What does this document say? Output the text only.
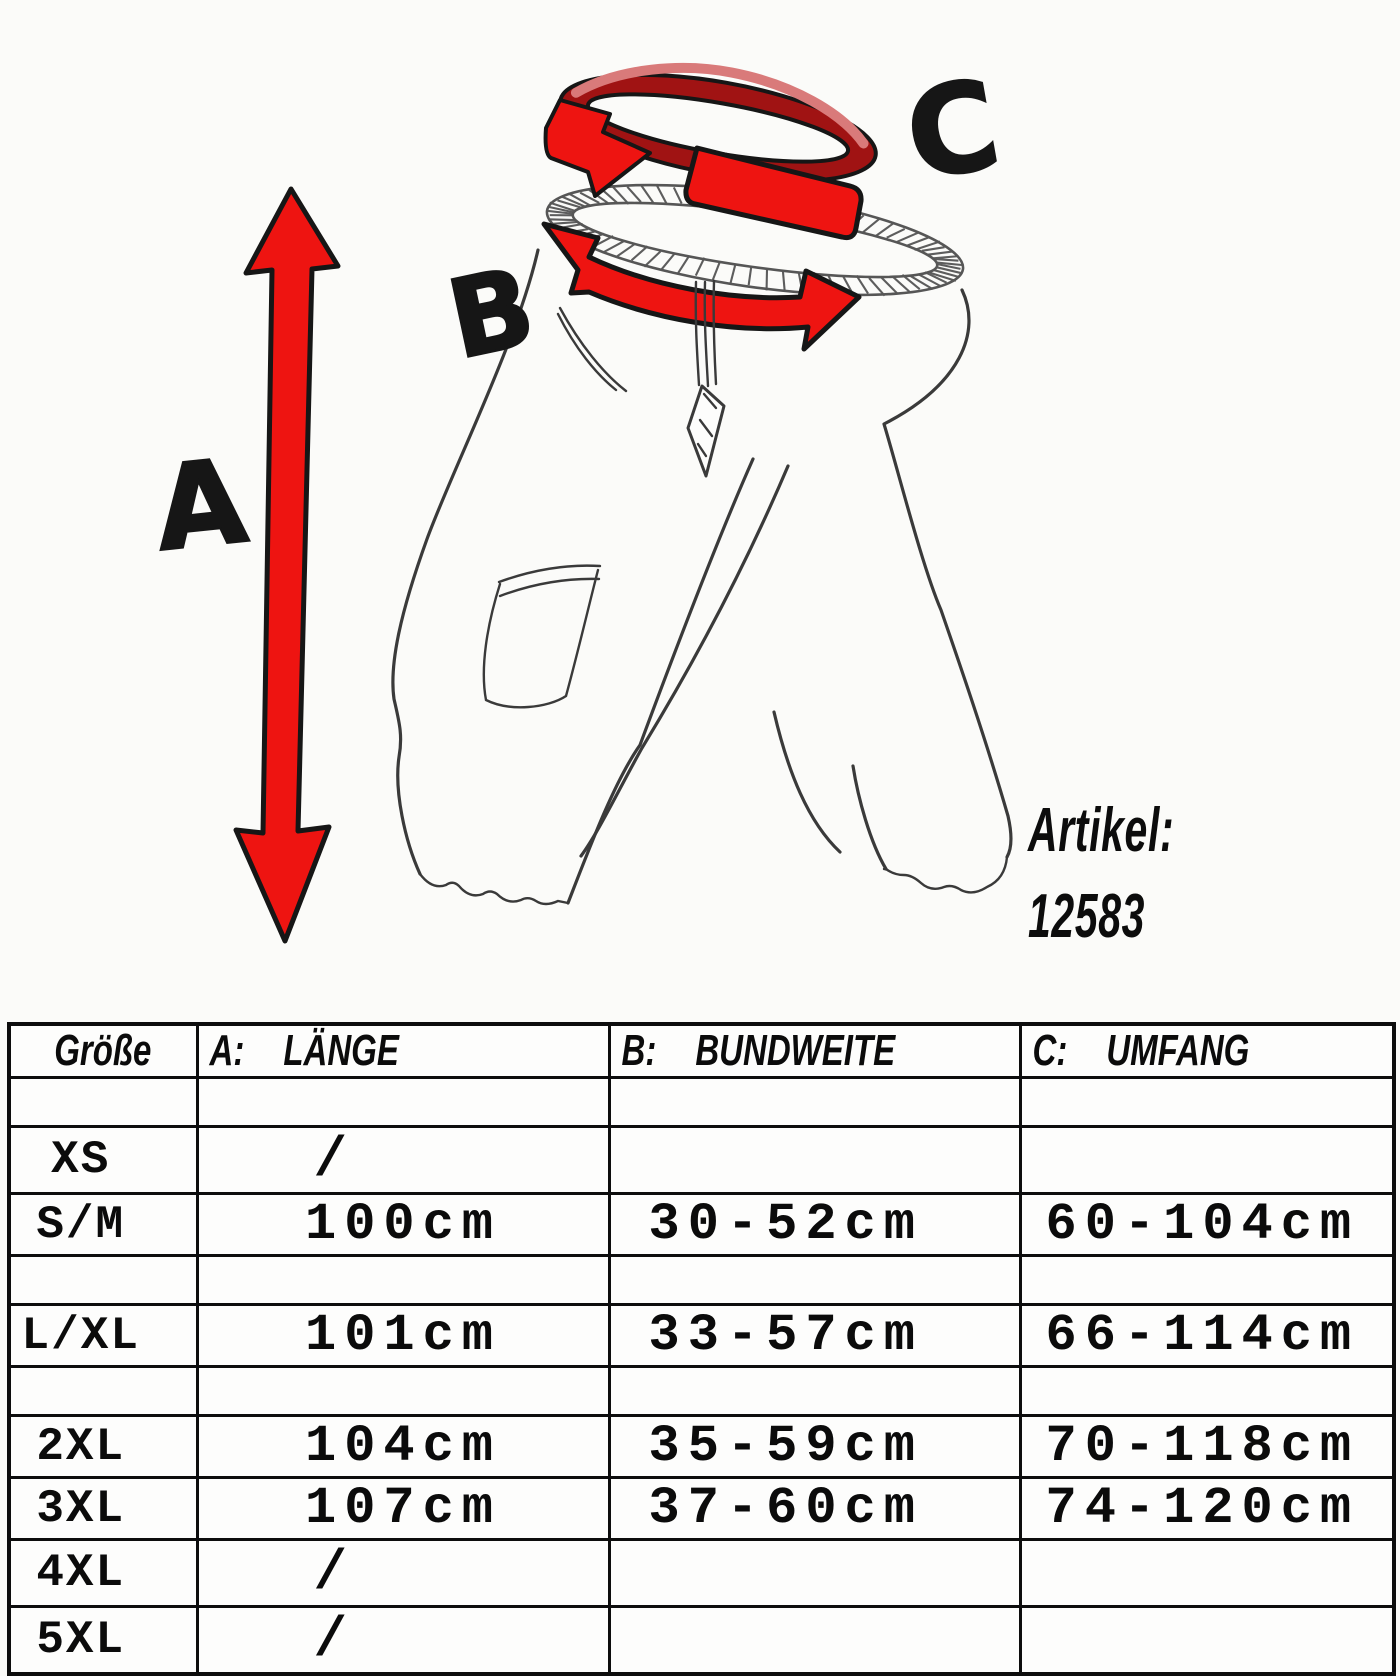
A
B
C
Artikel:
12583
Größe	A: LÄNGE	B: BUNDWEITE	C: UMFANG

XS	/		
S/M	100cm	30-52cm	60-104cm

L/XL	101cm	33-57cm	66-114cm

2XL	104cm	35-59cm	70-118cm
3XL	107cm	37-60cm	74-120cm
4XL	/		
5XL	/		
